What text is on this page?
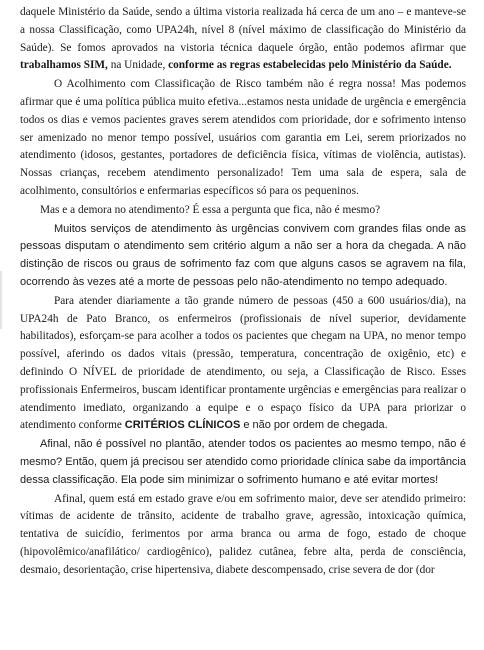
daquele Ministério da Saúde, sendo a última vistoria realizada há cerca de um ano – e manteve-se a nossa Classificação, como UPA24h, nível 8 (nível máximo de classificação do Ministério da Saúde). Se fomos aprovados na vistoria técnica daquele órgão, então podemos afirmar que trabalhamos SIM, na Unidade, conforme as regras estabelecidas pelo Ministério da Saúde.

O Acolhimento com Classificação de Risco também não é regra nossa! Mas podemos afirmar que é uma política pública muito efetiva...estamos nesta unidade de urgência e emergência todos os dias e vemos pacientes graves serem atendidos com prioridade, dor e sofrimento intenso ser amenizado no menor tempo possível, usuários com garantia em Lei, serem priorizados no atendimento (idosos, gestantes, portadores de deficiência física, vítimas de violência, autistas). Nossas crianças, recebem atendimento personalizado! Tem uma sala de espera, sala de acolhimento, consultórios e enfermarias específicos só para os pequeninos.

Mas e a demora no atendimento? É essa a pergunta que fica, não é mesmo?

Muitos serviços de atendimento às urgências convivem com grandes filas onde as pessoas disputam o atendimento sem critério algum a não ser a hora da chegada. A não distinção de riscos ou graus de sofrimento faz com que alguns casos se agravem na fila, ocorrendo às vezes até a morte de pessoas pelo não-atendimento no tempo adequado.

Para atender diariamente a tão grande número de pessoas (450 a 600 usuários/dia), na UPA24h de Pato Branco, os enfermeiros (profissionais de nível superior, devidamente habilitados), esforçam-se para acolher a todos os pacientes que chegam na UPA, no menor tempo possível, aferindo os dados vitais (pressão, temperatura, concentração de oxigênio, etc) e definindo O NÍVEL de prioridade de atendimento, ou seja, a Classificação de Risco. Esses profissionais Enfermeiros, buscam identificar prontamente urgências e emergências para realizar o atendimento imediato, organizando a equipe e o espaço físico da UPA para priorizar o atendimento conforme CRITÉRIOS CLÍNICOS e não por ordem de chegada.

Afinal, não é possível no plantão, atender todos os pacientes ao mesmo tempo, não é mesmo? Então, quem já precisou ser atendido como prioridade clínica sabe da importância dessa classificação. Ela pode sim minimizar o sofrimento humano e até evitar mortes!

Afinal, quem está em estado grave e/ou em sofrimento maior, deve ser atendido primeiro: vítimas de acidente de trânsito, acidente de trabalho grave, agressão, intoxicação química, tentativa de suicídio, ferimentos por arma branca ou arma de fogo, estado de choque (hipovolêmico/anafilático/ cardiogênico), palidez cutânea, febre alta, perda de consciência, desmaio, desorientação, crise hipertensiva, diabete descompensado, crise severa de dor (dor
